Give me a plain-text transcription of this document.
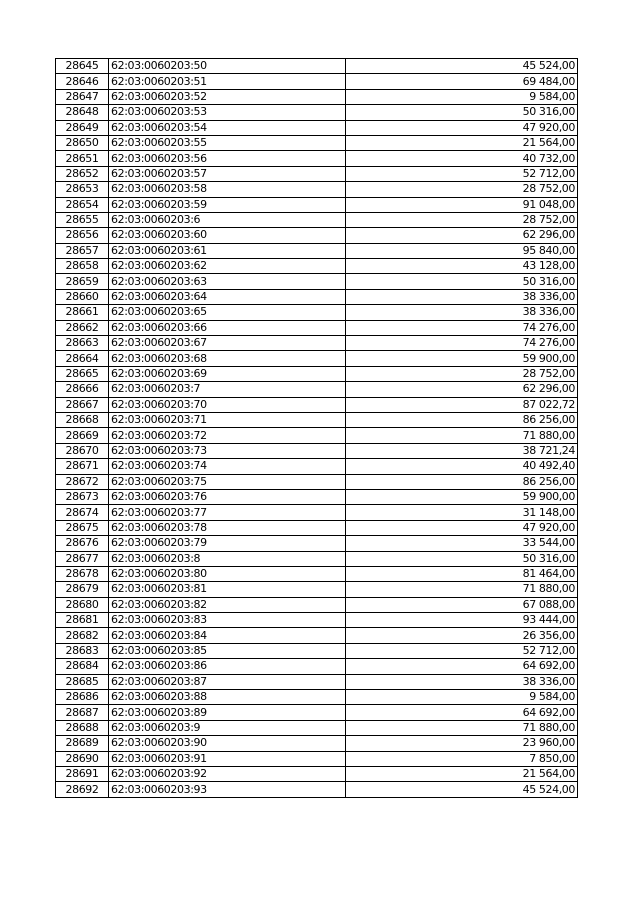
28645	62:03:0060203:50	45 524,00
28646	62:03:0060203:51	69 484,00
28647	62:03:0060203:52	9 584,00
28648	62:03:0060203:53	50 316,00
28649	62:03:0060203:54	47 920,00
28650	62:03:0060203:55	21 564,00
28651	62:03:0060203:56	40 732,00
28652	62:03:0060203:57	52 712,00
28653	62:03:0060203:58	28 752,00
28654	62:03:0060203:59	91 048,00
28655	62:03:0060203:6	28 752,00
28656	62:03:0060203:60	62 296,00
28657	62:03:0060203:61	95 840,00
28658	62:03:0060203:62	43 128,00
28659	62:03:0060203:63	50 316,00
28660	62:03:0060203:64	38 336,00
28661	62:03:0060203:65	38 336,00
28662	62:03:0060203:66	74 276,00
28663	62:03:0060203:67	74 276,00
28664	62:03:0060203:68	59 900,00
28665	62:03:0060203:69	28 752,00
28666	62:03:0060203:7	62 296,00
28667	62:03:0060203:70	87 022,72
28668	62:03:0060203:71	86 256,00
28669	62:03:0060203:72	71 880,00
28670	62:03:0060203:73	38 721,24
28671	62:03:0060203:74	40 492,40
28672	62:03:0060203:75	86 256,00
28673	62:03:0060203:76	59 900,00
28674	62:03:0060203:77	31 148,00
28675	62:03:0060203:78	47 920,00
28676	62:03:0060203:79	33 544,00
28677	62:03:0060203:8	50 316,00
28678	62:03:0060203:80	81 464,00
28679	62:03:0060203:81	71 880,00
28680	62:03:0060203:82	67 088,00
28681	62:03:0060203:83	93 444,00
28682	62:03:0060203:84	26 356,00
28683	62:03:0060203:85	52 712,00
28684	62:03:0060203:86	64 692,00
28685	62:03:0060203:87	38 336,00
28686	62:03:0060203:88	9 584,00
28687	62:03:0060203:89	64 692,00
28688	62:03:0060203:9	71 880,00
28689	62:03:0060203:90	23 960,00
28690	62:03:0060203:91	7 850,00
28691	62:03:0060203:92	21 564,00
28692	62:03:0060203:93	45 524,00
